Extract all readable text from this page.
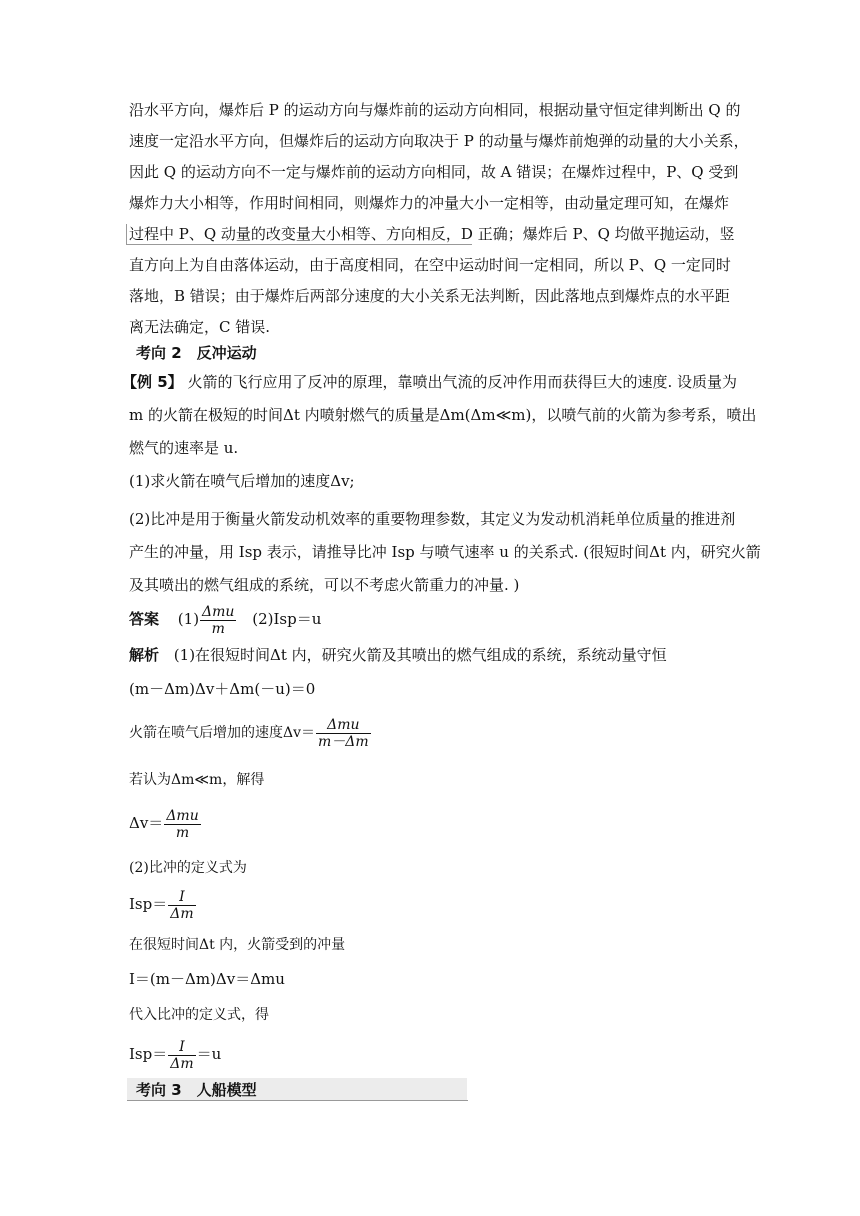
沿水平方向，爆炸后 P 的运动方向与爆炸前的运动方向相同，根据动量守恒定律判断出 Q 的
速度一定沿水平方向，但爆炸后的运动方向取决于 P 的动量与爆炸前炮弹的动量的大小关系，
因此 Q 的运动方向不一定与爆炸前的运动方向相同，故 A 错误；在爆炸过程中，P、Q 受到
爆炸力大小相等，作用时间相同，则爆炸力的冲量大小一定相等，由动量定理可知，在爆炸
过程中 P、Q 动量的改变量大小相等、方向相反，D 正确；爆炸后 P、Q 均做平抛运动，竖
直方向上为自由落体运动，由于高度相同，在空中运动时间一定相同，所以 P、Q 一定同时
落地，B 错误；由于爆炸后两部分速度的大小关系无法判断，因此落地点到爆炸点的水平距
离无法确定，C 错误.
考向 2　反冲运动
【例 5】 火箭的飞行应用了反冲的原理，靠喷出气流的反冲作用而获得巨大的速度. 设质量为
m 的火箭在极短的时间Δt 内喷射燃气的质量是Δm(Δm≪m)，以喷气前的火箭为参考系，喷出
燃气的速率是 u.
(1)求火箭在喷气后增加的速度Δv;
(2)比冲是用于衡量火箭发动机效率的重要物理参数，其定义为发动机消耗单位质量的推进剂
产生的冲量，用 Isp 表示，请推导比冲 Isp 与喷气速率 u 的关系式. (很短时间Δt 内，研究火箭
及其喷出的燃气组成的系统，可以不考虑火箭重力的冲量. )
答案 $(1) \frac{\text{Δmu}}{m} (2)Isp=u$
解析 (1)在很短时间Δt 内，研究火箭及其喷出的燃气组成的系统，系统动量守恒
(m－Δm)Δv＋Δm(－u)＝0
火箭在喷气后增加的速度$\Delta v= \frac{\text{Δmu}}{m-\Delta m}$
若认为Δm≪m，解得
$\Delta v= \frac{\text{Δmu}}{m}$
(2)比冲的定义式为
$Isp= \frac{I}{\Delta m}$
在很短时间Δt 内，火箭受到的冲量
I＝(m－Δm)Δv＝Δmu
代入比冲的定义式，得
$Isp= \frac{I}{\Delta m} =u$
考向 3　人船模型
